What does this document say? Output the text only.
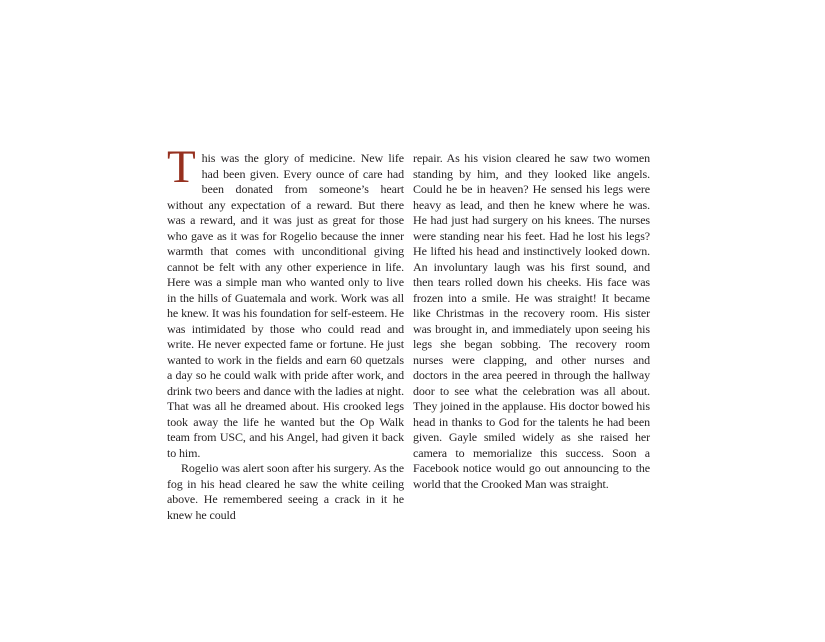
This was the glory of medicine. New life had been given. Every ounce of care had been donated from someone’s heart without any expectation of a reward. But there was a reward, and it was just as great for those who gave as it was for Rogelio because the inner warmth that comes with unconditional giving cannot be felt with any other experience in life. Here was a simple man who wanted only to live in the hills of Guatemala and work. Work was all he knew. It was his foundation for self-esteem. He was intimidated by those who could read and write. He never expected fame or fortune. He just wanted to work in the fields and earn 60 quetzals a day so he could walk with pride after work, and drink two beers and dance with the ladies at night. That was all he dreamed about. His crooked legs took away the life he wanted but the Op Walk team from USC, and his Angel, had given it back to him.

Rogelio was alert soon after his surgery. As the fog in his head cleared he saw the white ceiling above. He remembered seeing a crack in it he knew he could

repair. As his vision cleared he saw two women standing by him, and they looked like angels. Could he be in heaven? He sensed his legs were heavy as lead, and then he knew where he was. He had just had surgery on his knees. The nurses were standing near his feet. Had he lost his legs? He lifted his head and instinctively looked down. An involuntary laugh was his first sound, and then tears rolled down his cheeks. His face was frozen into a smile. He was straight! It became like Christmas in the recovery room. His sister was brought in, and immediately upon seeing his legs she began sobbing. The recovery room nurses were clapping, and other nurses and doctors in the area peered in through the hallway door to see what the celebration was all about. They joined in the applause. His doctor bowed his head in thanks to God for the talents he had been given. Gayle smiled widely as she raised her camera to memorialize this success. Soon a Facebook notice would go out announcing to the world that the Crooked Man was straight.
